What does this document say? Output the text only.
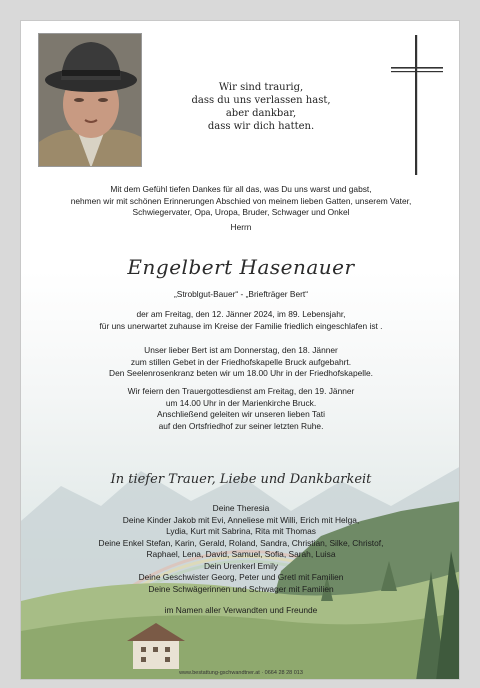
Wir sind traurig,
dass du uns verlassen hast,
aber dankbar,
dass wir dich hatten.
Mit dem Gefühl tiefen Dankes für all das, was Du uns warst und gabst,
nehmen wir mit schönen Erinnerungen Abschied von meinem lieben Gatten, unserem Vater,
Schwiegervater, Opa, Uropa, Bruder, Schwager und Onkel
Herrn
Engelbert Hasenauer
„Stroblgut-Bauer“ - „Briefträger Bert“
der am Freitag, den 12. Jänner 2024, im 89. Lebensjahr,
für uns unerwartet zuhause im Kreise der Familie friedlich eingeschlafen ist .
Unser lieber Bert ist am Donnerstag, den 18. Jänner
zum stillen Gebet in der Friedhofskapelle Bruck aufgebahrt.
Den Seelenrosenkranz beten wir um 18.00 Uhr in der Friedhofskapelle.
Wir feiern den Trauergottesdienst am Freitag, den 19. Jänner
um 14.00 Uhr in der Marienkirche Bruck.
Anschließend geleiten wir unseren lieben Tati
auf den Ortsfriedhof zur seiner letzten Ruhe.
In tiefer Trauer, Liebe und Dankbarkeit
Deine Theresia
Deine Kinder Jakob mit Evi, Anneliese mit Willi, Erich mit Helga,
Lydia, Kurt mit Sabrina, Rita mit Thomas
Deine Enkel Stefan, Karin, Gerald, Roland, Sandra, Christian, Silke, Christof,
Raphael, Lena, David, Samuel, Sofia, Sarah, Luisa
Dein Urenkerl Emily
Deine Geschwister Georg, Peter und Gretl mit Familien
Deine Schwägerinnen und Schwager mit Familien
im Namen aller Verwandten und Freunde
www.bestattung-gschwandtner.at · 0664 28 28 013
